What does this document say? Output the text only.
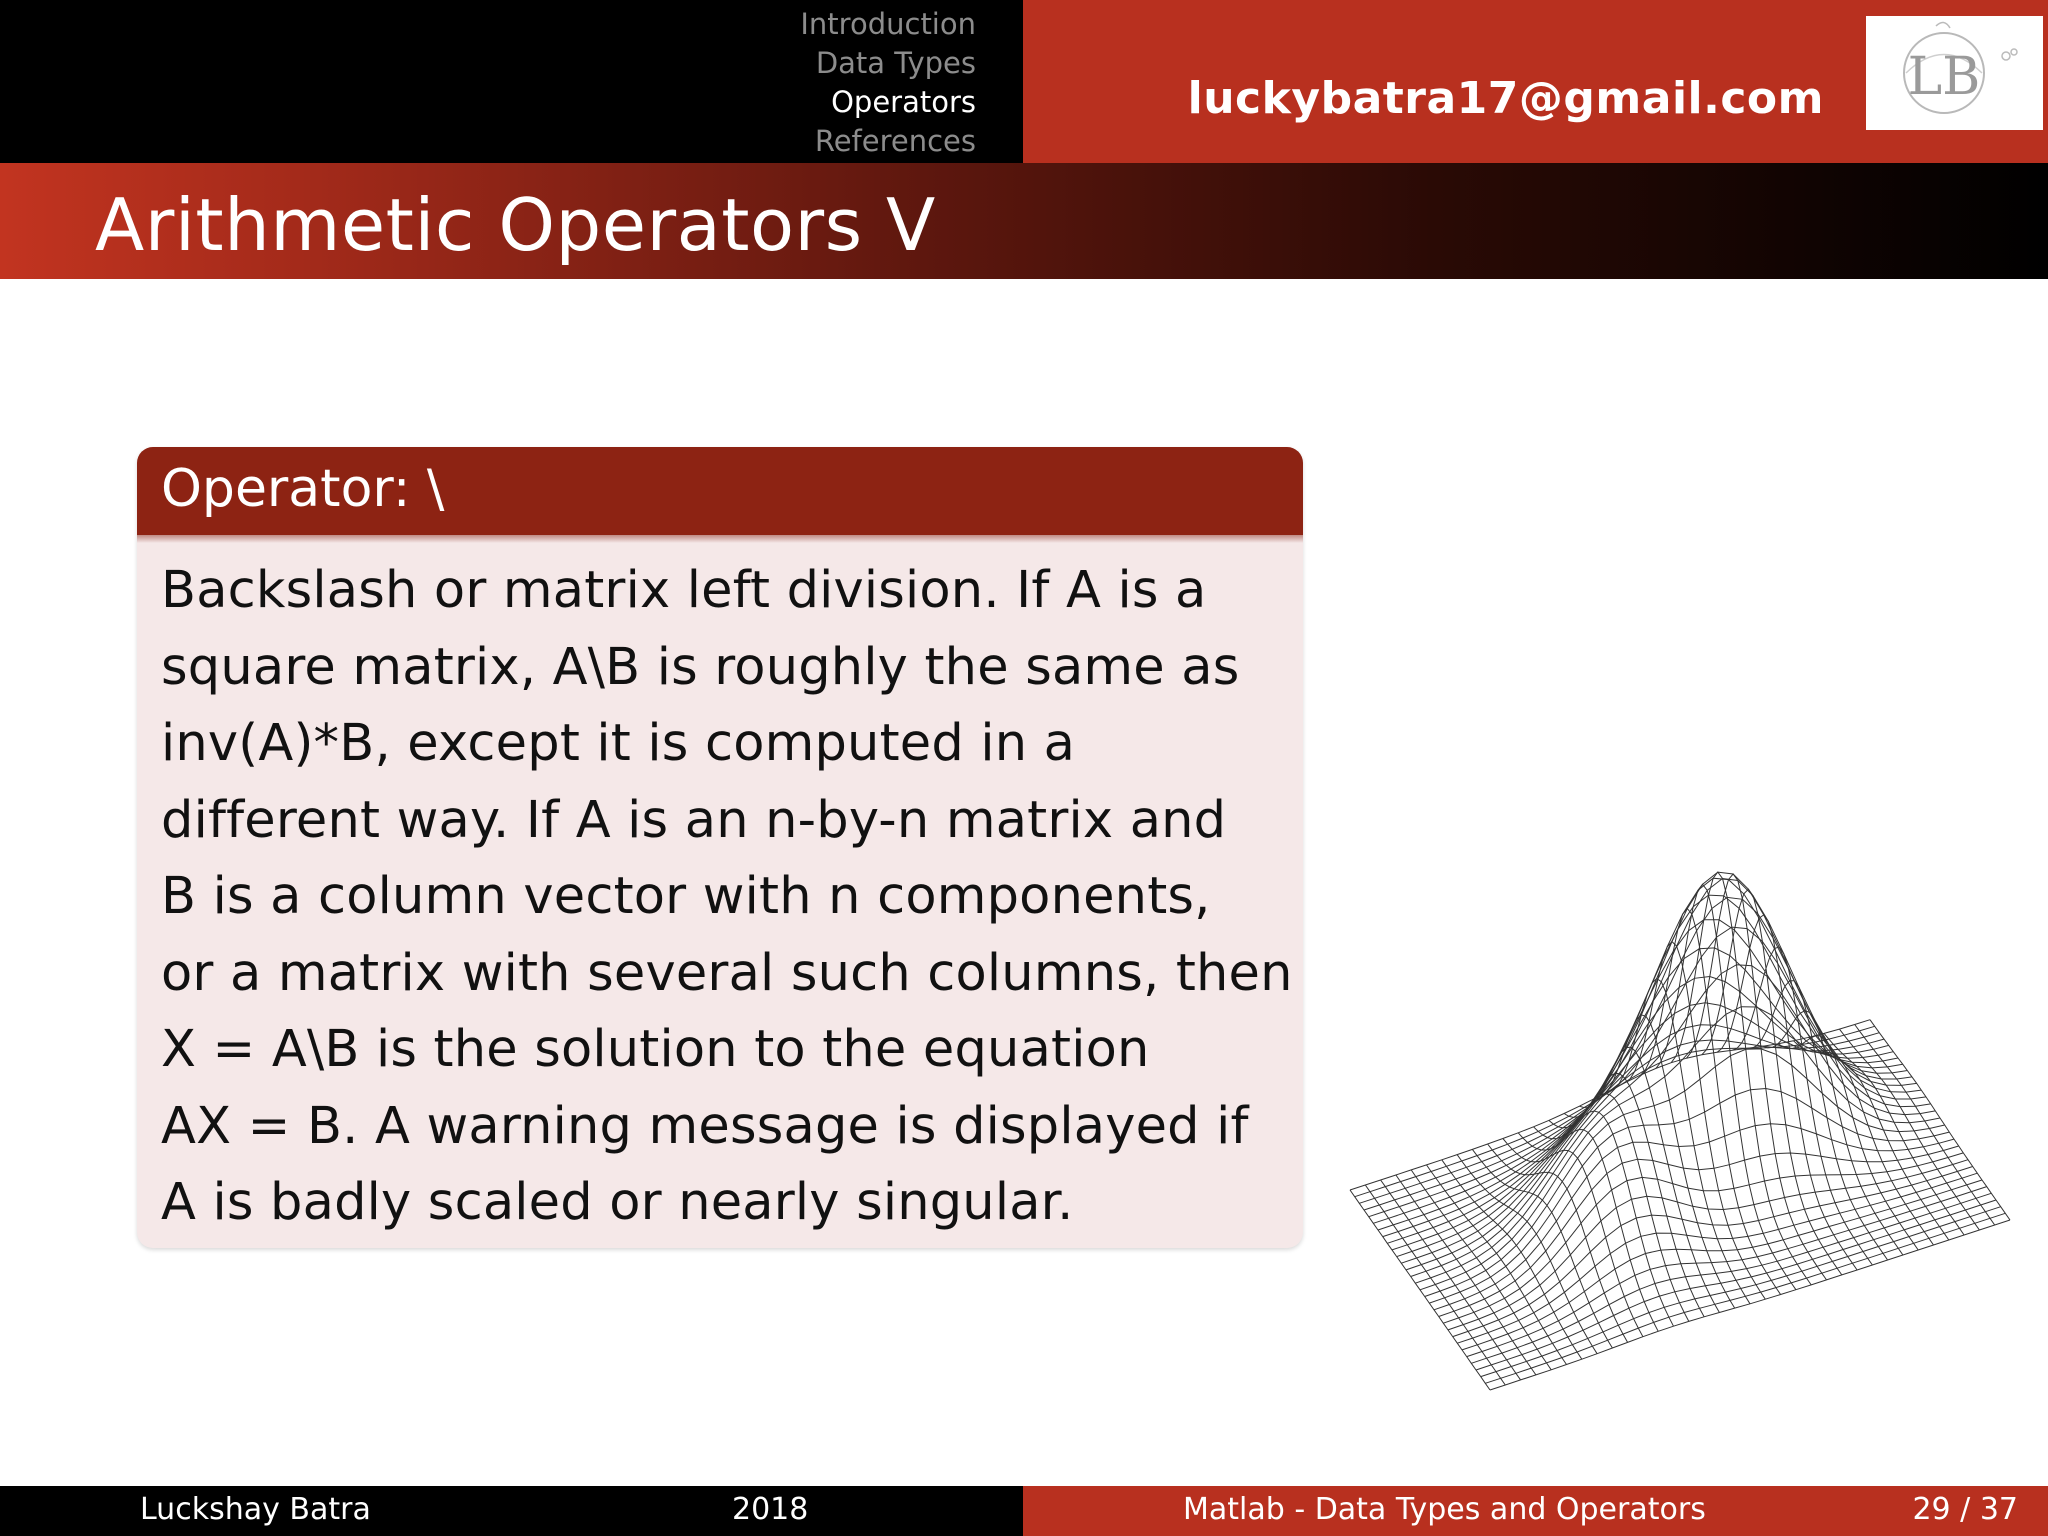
Introduction
Data Types
Operators
References
luckybatra17@gmail.com LB
Arithmetic Operators V
Operator: \
Backslash or matrix left division. If A is a
square matrix, A\B is roughly the same as
inv(A)*B, except it is computed in a
different way. If A is an n-by-n matrix and
B is a column vector with n components,
or a matrix with several such columns, then
X = A\B is the solution to the equation
AX = B. A warning message is displayed if
A is badly scaled or nearly singular.
Luckshay Batra	2018	Matlab - Data Types and Operators	29 / 37
